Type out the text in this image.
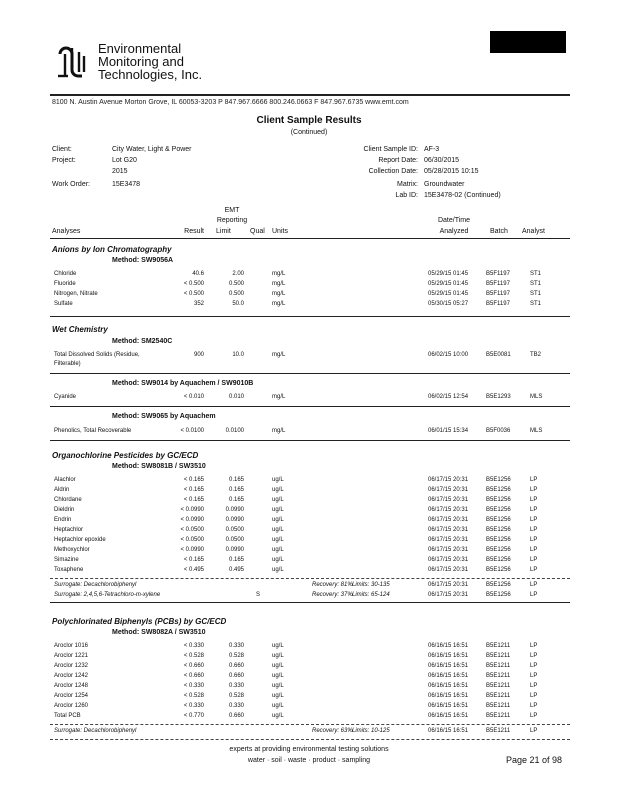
Environmental
Monitoring and
Technologies, Inc.
8100 N. Austin Avenue Morton Grove, IL 60053-3203 P 847.967.6666 800.246.0663 F 847.967.6735 www.emt.com
Client Sample Results
(Continued)
Client:	City Water, Light & Power
Project:	Lot G20
2015
Work Order:	15E3478
Client Sample ID: AF-3
Report Date: 06/30/2015
Collection Date: 05/28/2015 10:15
Matrix: Groundwater
Lab ID: 15E3478-02 (Continued)
EMT
Reporting	Date/Time
Analyses	Result Limit	Qual Units	Analyzed	Batch Analyst
Anions by Ion Chromatography
Method: SW9056A
Chloride	40.6	2.00	mg/L	05/29/15 01:45	B5F1197	ST1
Fluoride	< 0.500	0.500	mg/L	05/29/15 01:45	B5F1197	ST1
Nitrogen, Nitrate	< 0.500	0.500	mg/L	05/29/15 01:45	B5F1197	ST1
Sulfate	352	50.0	mg/L	05/30/15 05:27	B5F1197	ST1
Wet Chemistry
Method: SM2540C
Total Dissolved Solids (Residue,
Filterable)
900	10.0	mg/L	06/02/15 10:00	B5E0081	TB2
Method: SW9014 by Aquachem / SW9010B
Cyanide	< 0.010	0.010	mg/L	06/02/15 12:54	B5E1293	MLS
Method: SW9065 by Aquachem
Phenolics, Total Recoverable	< 0.0100	0.0100	mg/L	06/01/15 15:34	B5F0036	MLS
Organochlorine Pesticides by GC/ECD
Method: SW8081B / SW3510
Alachlor	< 0.165	0.165	ug/L	06/17/15 20:31	B5E1256	LP
Aldrin	< 0.165	0.165	ug/L	06/17/15 20:31	B5E1256	LP
Chlordane	< 0.165	0.165	ug/L	06/17/15 20:31	B5E1256	LP
Dieldrin	< 0.0990	0.0990	ug/L	06/17/15 20:31	B5E1256	LP
Endrin	< 0.0990	0.0990	ug/L	06/17/15 20:31	B5E1256	LP
Heptachlor	< 0.0500	0.0500	ug/L	06/17/15 20:31	B5E1256	LP
Heptachlor epoxide	< 0.0500	0.0500	ug/L	06/17/15 20:31	B5E1256	LP
Methoxychlor	< 0.0990	0.0990	ug/L	06/17/15 20:31	B5E1256	LP
Simazine	< 0.165	0.165	ug/L	06/17/15 20:31	B5E1256	LP
Toxaphene	< 0.495	0.495	ug/L	06/17/15 20:31	B5E1256	LP
Surrogate: Decachlorobiphenyl	Recovery: 81% Limits: 30-135	06/17/15 20:31	B5E1256	LP
Surrogate: 2,4,5,6-Tetrachloro-m-xylene	S	Recovery: 37% Limits: 65-124	06/17/15 20:31	B5E1256	LP
Polychlorinated Biphenyls (PCBs) by GC/ECD
Method: SW8082A / SW3510
Aroclor 1016	< 0.330	0.330	ug/L	06/16/15 16:51	B5E1211	LP
Aroclor 1221	< 0.528	0.528	ug/L	06/16/15 16:51	B5E1211	LP
Aroclor 1232	< 0.660	0.660	ug/L	06/16/15 16:51	B5E1211	LP
Aroclor 1242	< 0.660	0.660	ug/L	06/16/15 16:51	B5E1211	LP
Aroclor 1248	< 0.330	0.330	ug/L	06/16/15 16:51	B5E1211	LP
Aroclor 1254	< 0.528	0.528	ug/L	06/16/15 16:51	B5E1211	LP
Aroclor 1260	< 0.330	0.330	ug/L	06/16/15 16:51	B5E1211	LP
Total PCB	< 0.770	0.660	ug/L	06/16/15 16:51	B5E1211	LP
Surrogate: Decachlorobiphenyl	Recovery: 63% Limits: 10-125	06/16/15 16:51	B5E1211	LP
experts at providing environmental testing solutions
water · soil · waste · product · sampling	Page 21 of 98
